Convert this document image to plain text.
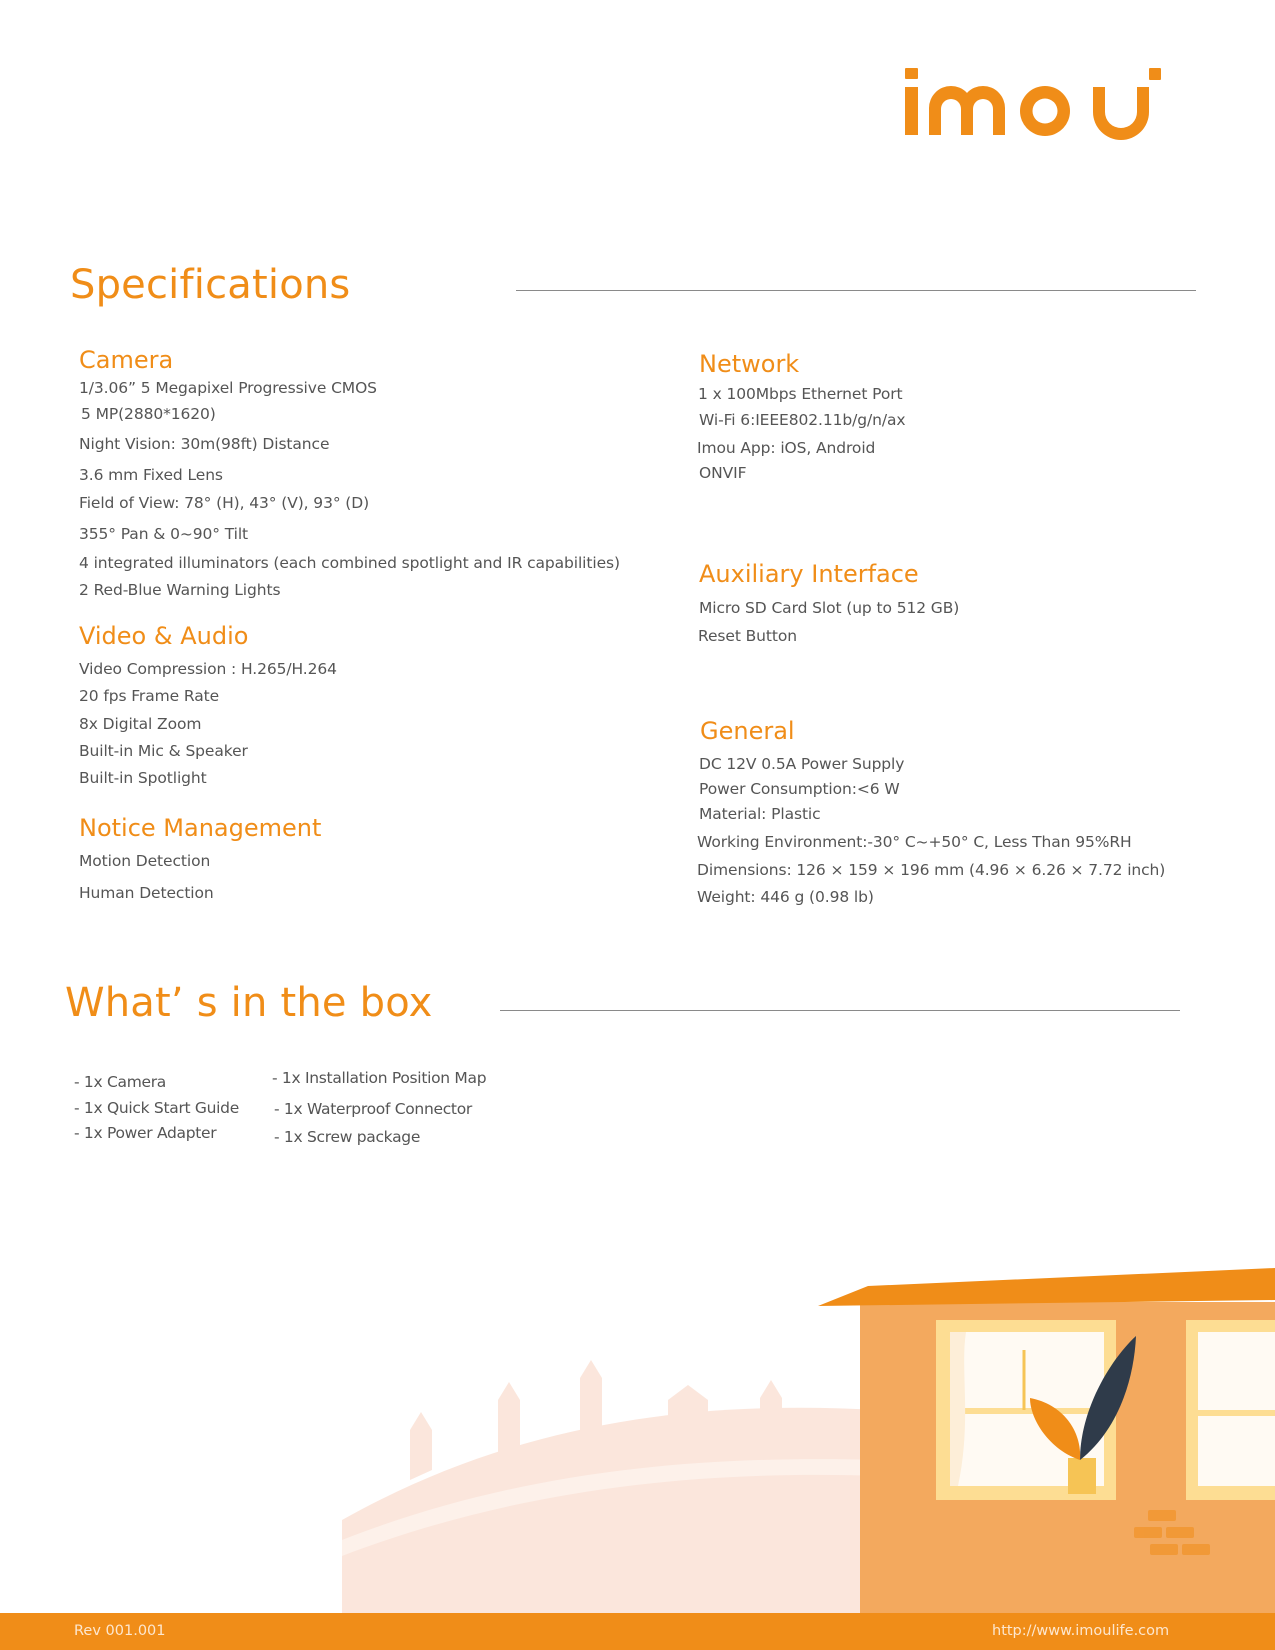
Specifications
Camera
1/3.06” 5 Megapixel Progressive CMOS
5 MP(2880*1620)
Night Vision: 30m(98ft) Distance
3.6 mm Fixed Lens
Field of View: 78° (H), 43° (V), 93° (D)
355° Pan & 0~90° Tilt
4 integrated illuminators (each combined spotlight and IR capabilities)
2 Red-Blue Warning Lights
Video & Audio
Video Compression : H.265/H.264
20 fps Frame Rate
8x Digital Zoom
Built-in Mic & Speaker
Built-in Spotlight
Notice Management
Motion Detection
Human Detection
Network
1 x 100Mbps Ethernet Port
Wi-Fi 6:IEEE802.11b/g/n/ax
Imou App: iOS, Android
ONVIF
Auxiliary Interface
Micro SD Card Slot (up to 512 GB)
Reset Button
General
DC 12V 0.5A Power Supply
Power Consumption:<6 W
Material: Plastic
Working Environment:-30° C~+50° C, Less Than 95%RH
Dimensions: 126 × 159 × 196 mm (4.96 × 6.26 × 7.72 inch)
Weight: 446 g (0.98 lb)
What’ s in the box
- 1x Camera
- 1x Quick Start Guide
- 1x Power Adapter
- 1x Installation Position Map
- 1x Waterproof Connector
- 1x Screw package
Rev 001.001	http://www.imoulife.com
